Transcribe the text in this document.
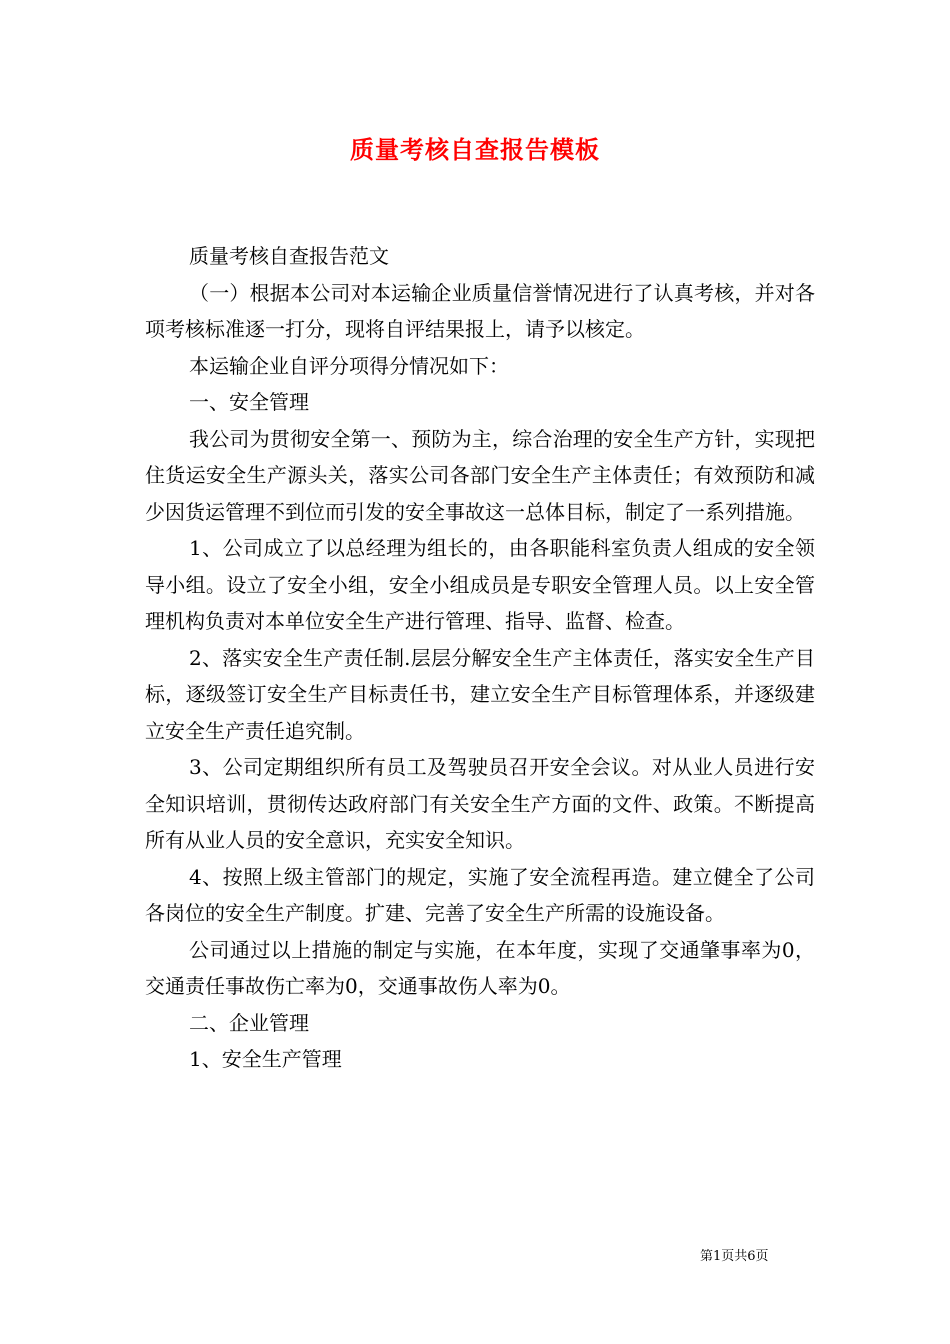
质量考核自查报告模板

质量考核自查报告范文

（一）根据本公司对本运输企业质量信誉情况进行了认真考核，并对各项考核标准逐一打分，现将自评结果报上，请予以核定。

本运输企业自评分项得分情况如下：

一、安全管理

我公司为贯彻安全第一、预防为主，综合治理的安全生产方针，实现把住货运安全生产源头关，落实公司各部门安全生产主体责任；有效预防和减少因货运管理不到位而引发的安全事故这一总体目标，制定了一系列措施。

1、公司成立了以总经理为组长的，由各职能科室负责人组成的安全领导小组。设立了安全小组，安全小组成员是专职安全管理人员。以上安全管理机构负责对本单位安全生产进行管理、指导、监督、检查。

2、落实安全生产责任制.层层分解安全生产主体责任，落实安全生产目标，逐级签订安全生产目标责任书，建立安全生产目标管理体系，并逐级建立安全生产责任追究制。

3、公司定期组织所有员工及驾驶员召开安全会议。对从业人员进行安全知识培训，贯彻传达政府部门有关安全生产方面的文件、政策。不断提高所有从业人员的安全意识，充实安全知识。

4、按照上级主管部门的规定，实施了安全流程再造。建立健全了公司各岗位的安全生产制度。扩建、完善了安全生产所需的设施设备。

公司通过以上措施的制定与实施，在本年度，实现了交通肇事率为0，交通责任事故伤亡率为0，交通事故伤人率为0。

二、企业管理

1、安全生产管理

第1页共6页
